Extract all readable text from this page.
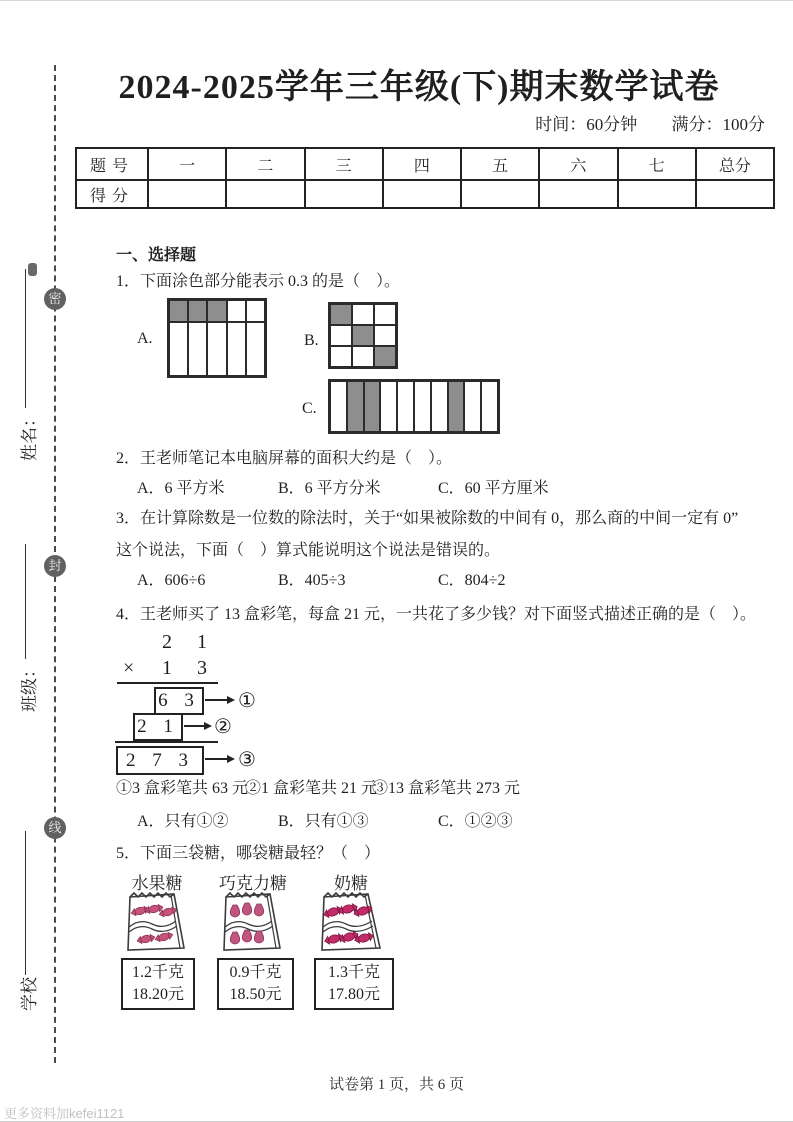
密
封
线
姓名：
班级：
学校
2024-2025学年三年级(下)期末数学试卷
时间：60分钟 满分：100分
题号	一	二	三	四	五	六	七	总分
得分								
一、选择题
1．下面涂色部分能表示 0.3 的是（　）。
A.	B.
C.
2．王老师笔记本电脑屏幕的面积大约是（　）。
A．6 平方米	B．6 平方分米	C．60 平方厘米
3．在计算除数是一位数的除法时，关于“如果被除数的中间有 0，那么商的中间一定有 0”
这个说法，下面（　）算式能说明这个说法是错误的。
A．606÷6	B．405÷3	C．804÷2
4．王老师买了 13 盒彩笔，每盒 21 元，一共花了多少钱？对下面竖式描述正确的是（　）。
2 1
× 1 3
6 3 ①
2 1 ②
2 7 3	③
①3 盒彩笔共 63 元
②1 盒彩笔共 21 元
③13 盒彩笔共 273 元
A．只有①②	B．只有①③	C．①②③
5．下面三袋糖，哪袋糖最轻？（　）
水果糖	巧克力糖	奶糖
1.2千克
18.20元
0.9千克
18.50元
1.3千克
17.80元
试卷第 1 页，共 6 页
更多资料加kefei1121
